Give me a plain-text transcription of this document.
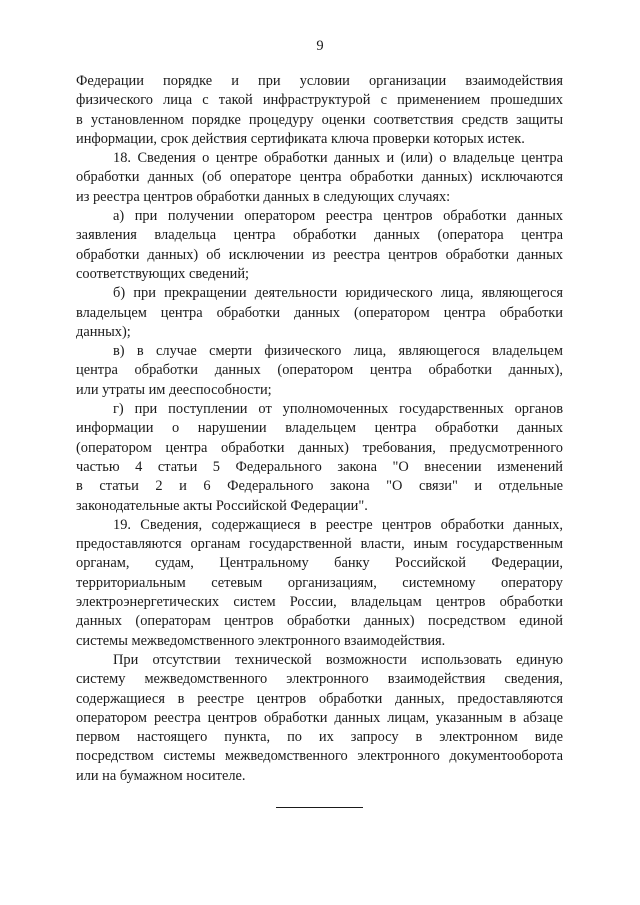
9
Федерации порядке и при условии организации взаимодействия
физического лица с такой инфраструктурой с применением прошедших
в установленном порядке процедуру оценки соответствия средств защиты
информации, срок действия сертификата ключа проверки которых истек.
18. Сведения о центре обработки данных и (или) о владельце центра
обработки данных (об операторе центра обработки данных) исключаются
из реестра центров обработки данных в следующих случаях:
а) при получении оператором реестра центров обработки данных
заявления владельца центра обработки данных (оператора центра
обработки данных) об исключении из реестра центров обработки данных
соответствующих сведений;
б) при прекращении деятельности юридического лица, являющегося
владельцем центра обработки данных (оператором центра обработки
данных);
в) в случае смерти физического лица, являющегося владельцем
центра обработки данных (оператором центра обработки данных),
или утраты им дееспособности;
г) при поступлении от уполномоченных государственных органов
информации о нарушении владельцем центра обработки данных
(оператором центра обработки данных) требования, предусмотренного
частью 4 статьи 5 Федерального закона "О внесении изменений
в статьи 2 и 6 Федерального закона "О связи" и отдельные
законодательные акты Российской Федерации".
19. Сведения, содержащиеся в реестре центров обработки данных,
предоставляются органам государственной власти, иным государственным
органам, судам, Центральному банку Российской Федерации,
территориальным сетевым организациям, системному оператору
электроэнергетических систем России, владельцам центров обработки
данных (операторам центров обработки данных) посредством единой
системы межведомственного электронного взаимодействия.
При отсутствии технической возможности использовать единую
систему межведомственного электронного взаимодействия сведения,
содержащиеся в реестре центров обработки данных, предоставляются
оператором реестра центров обработки данных лицам, указанным в абзаце
первом настоящего пункта, по их запросу в электронном виде
посредством системы межведомственного электронного документооборота
или на бумажном носителе.
